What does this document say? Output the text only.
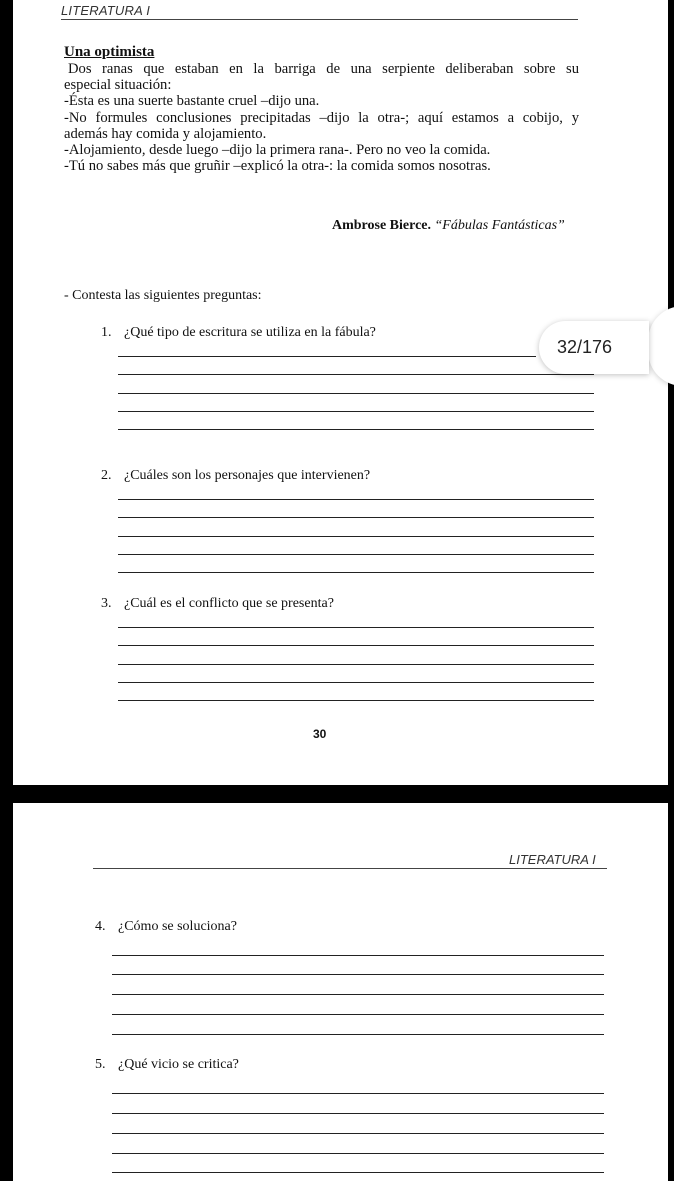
LITERATURA I
Una optimista

Dos ranas que estaban en la barriga de una serpiente deliberaban sobre su

especial situación:

-Ésta es una suerte bastante cruel –dijo una.

-No formules conclusiones precipitadas –dijo la otra-; aquí estamos a cobijo, y

además hay comida y alojamiento.

-Alojamiento, desde luego –dijo la primera rana-. Pero no veo la comida.

-Tú no sabes más que gruñir –explicó la otra-: la comida somos nosotras.

Ambrose Bierce. “Fábulas Fantásticas”
- Contesta las siguientes preguntas:
1. ¿Qué tipo de escritura se utiliza en la fábula?
2. ¿Cuáles son los personajes que intervienen?
3. ¿Cuál es el conflicto que se presenta?
30
LITERATURA I
4. ¿Cómo se soluciona?
5. ¿Qué vicio se critica?
32/176
